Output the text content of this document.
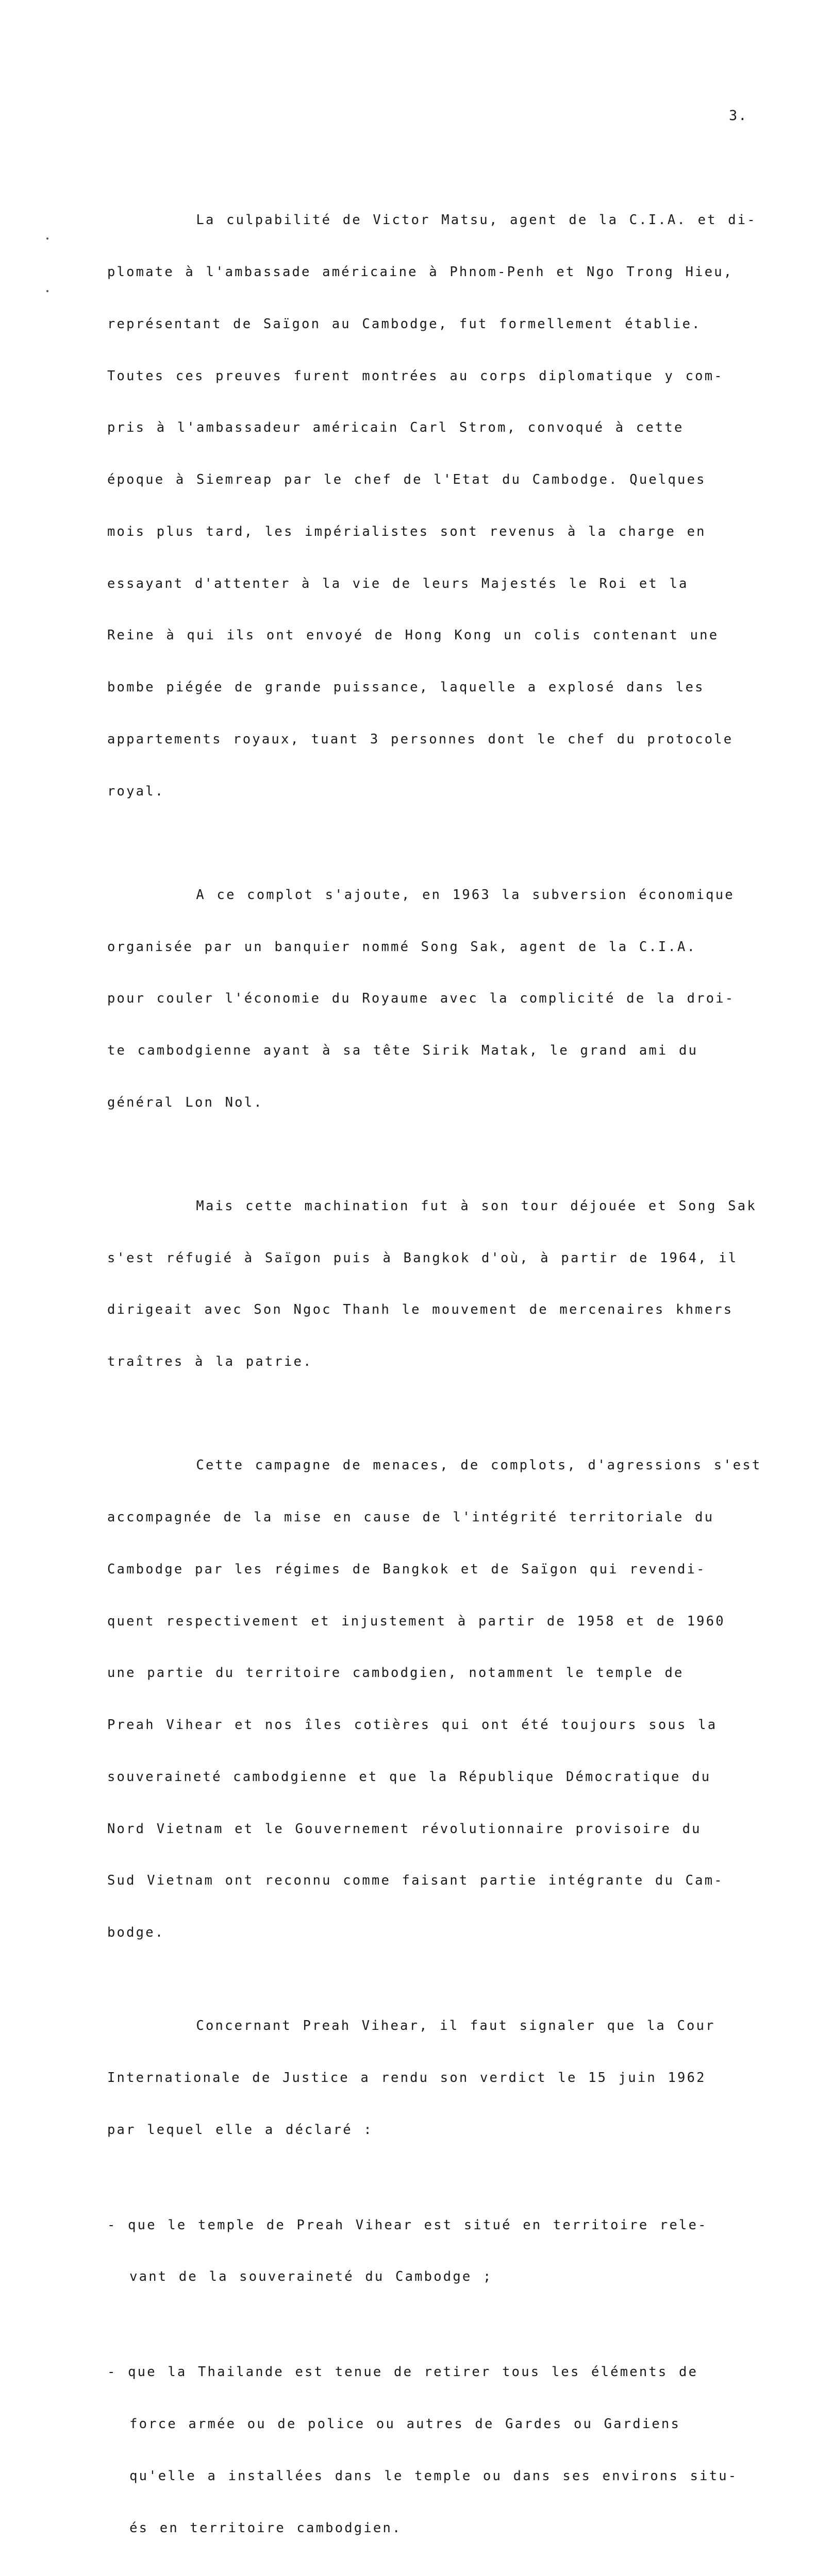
3.

La culpabilité de Victor Matsu, agent de la C.I.A. et di-

plomate à l'ambassade américaine à Phnom-Penh et Ngo Trong Hieu,

représentant de Saïgon au Cambodge, fut formellement établie.

Toutes ces preuves furent montrées au corps diplomatique y com-

pris à l'ambassadeur américain Carl Strom, convoqué à cette

époque à Siemreap par le chef de l'Etat du Cambodge. Quelques

mois plus tard, les impérialistes sont revenus à la charge en

essayant d'attenter à la vie de leurs Majestés le Roi et la

Reine à qui ils ont envoyé de Hong Kong un colis contenant une

bombe piégée de grande puissance, laquelle a explosé dans les

appartements royaux, tuant 3 personnes dont le chef du protocole

royal.

A ce complot s'ajoute, en 1963 la subversion économique

organisée par un banquier nommé Song Sak, agent de la C.I.A.

pour couler l'économie du Royaume avec la complicité de la droi-

te cambodgienne ayant à sa tête Sirik Matak, le grand ami du

général Lon Nol.

Mais cette machination fut à son tour déjouée et Song Sak

s'est réfugié à Saïgon puis à Bangkok d'où, à partir de 1964, il

dirigeait avec Son Ngoc Thanh le mouvement de mercenaires khmers

traîtres à la patrie.

Cette campagne de menaces, de complots, d'agressions s'est

accompagnée de la mise en cause de l'intégrité territoriale du

Cambodge par les régimes de Bangkok et de Saïgon qui revendi-

quent respectivement et injustement à partir de 1958 et de 1960

une partie du territoire cambodgien, notamment le temple de

Preah Vihear et nos îles cotières qui ont été toujours sous la

souveraineté cambodgienne et que la République Démocratique du

Nord Vietnam et le Gouvernement révolutionnaire provisoire du

Sud Vietnam ont reconnu comme faisant partie intégrante du Cam-

bodge.

Concernant Preah Vihear, il faut signaler que la Cour

Internationale de Justice a rendu son verdict le 15 juin 1962

par lequel elle a déclaré :

- que le temple de Preah Vihear est situé en territoire rele-

vant de la souveraineté du Cambodge ;

- que la Thailande est tenue de retirer tous les éléments de

force armée ou de police ou autres de Gardes ou Gardiens

qu'elle a installées dans le temple ou dans ses environs situ-

és en territoire cambodgien.
